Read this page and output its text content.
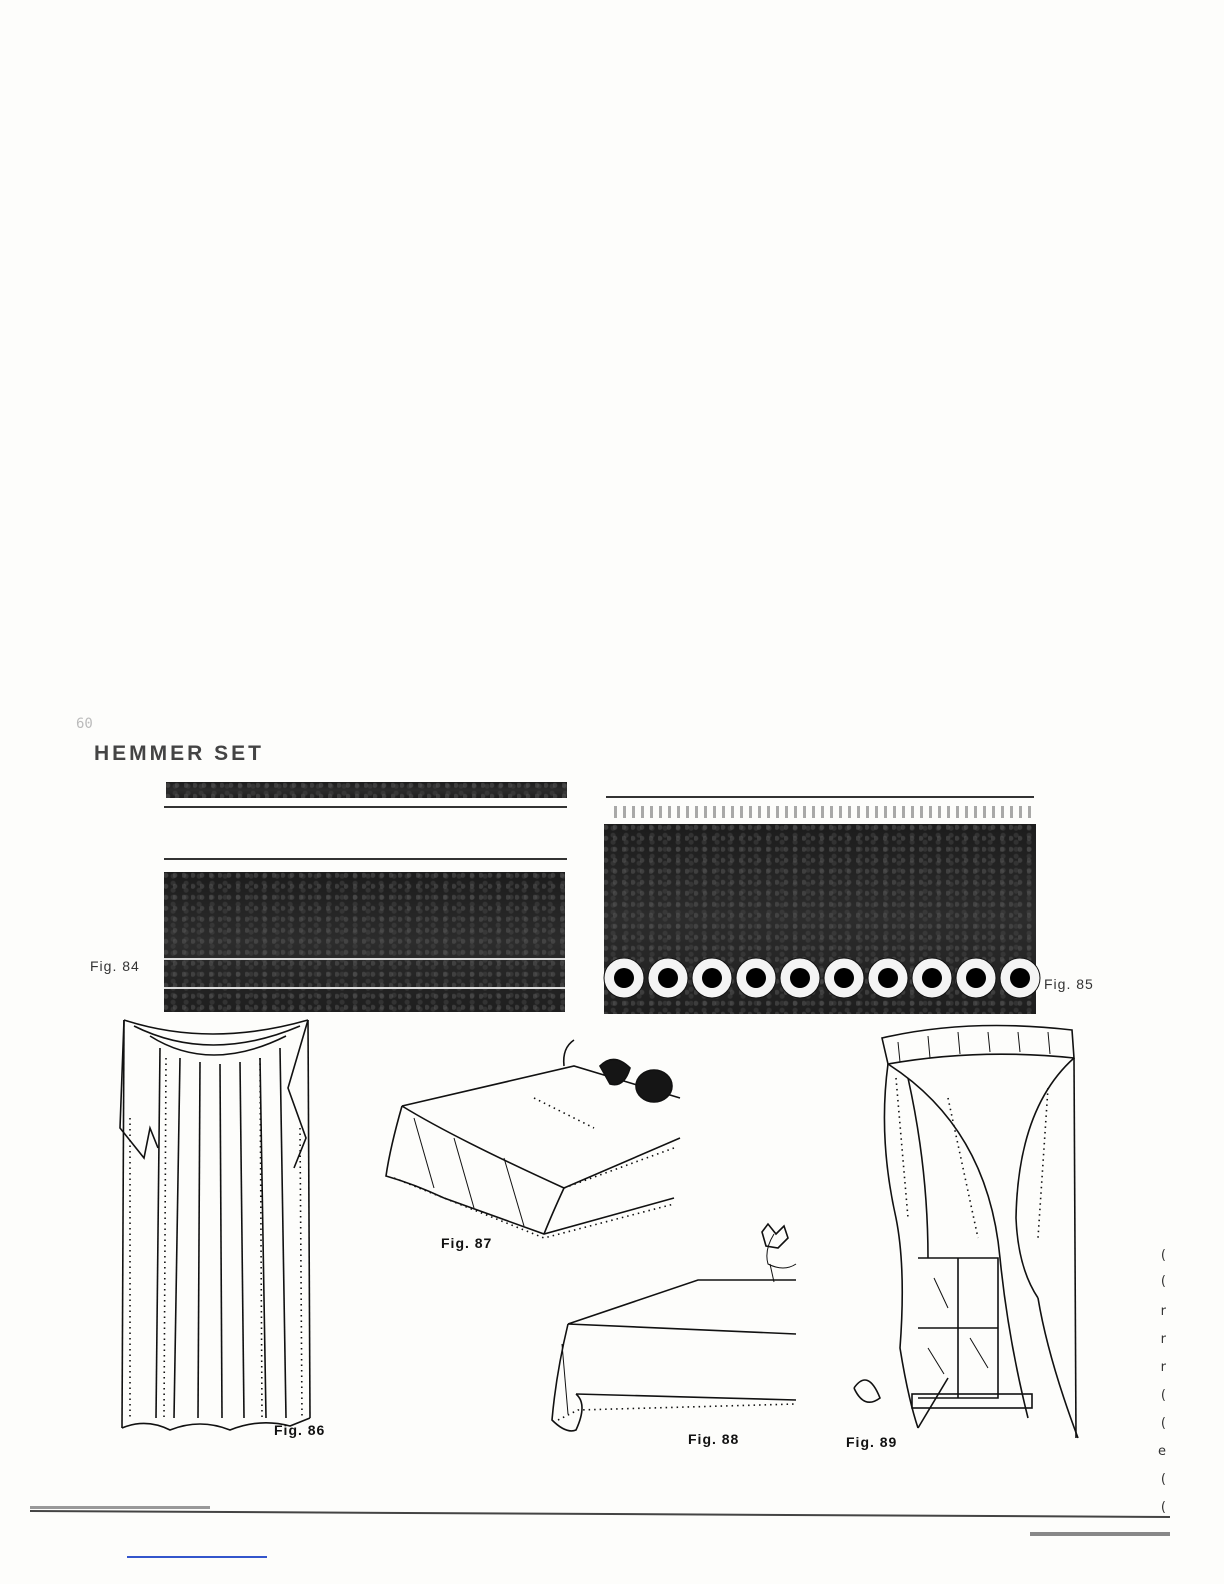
60
HEMMER SET
Fig. 84
Fig. 85
Fig. 86
Fig. 87
Fig. 88	Fig. 89
(
(
r
r
r
(
(
e
(
(
